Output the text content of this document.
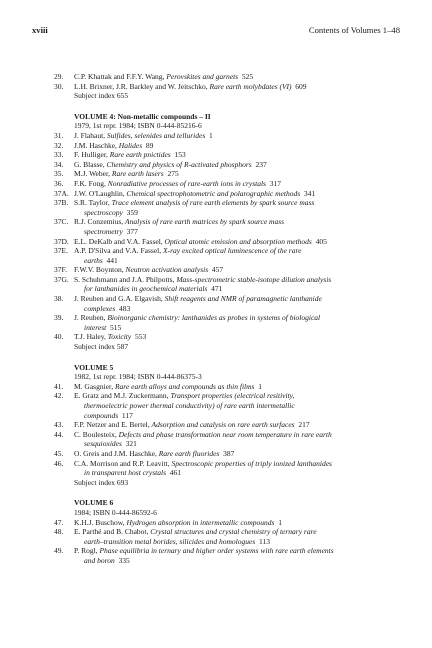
xviii	Contents of Volumes 1–48
29. C.P. Khattak and F.F.Y. Wang, Perovskites and garnets  525
30. L.H. Brixner, J.R. Barkley and W. Jeitschko, Rare earth molybdates (VI)  609
Subject index 655
VOLUME 4: Non-metallic compounds – II
1979, 1st repr. 1984; ISBN 0-444-85216-6
31. J. Flahaut, Sulfides, selenides and tellurides  1
32. J.M. Haschke, Halides  89
33. F. Hulliger, Rare earth pnictides  153
34. G. Blasse, Chemistry and physics of R-activated phosphors  237
35. M.J. Weber, Rare earth lasers  275
36. F.K. Fong, Nonradiative processes of rare-earth ions in crystals  317
37A. J.W. O'Laughlin, Chemical spectrophotometric and polarographic methods  341
37B. S.R. Taylor, Trace element analysis of rare earth elements by spark source mass
spectroscopy  359
37C. R.J. Conzemius, Analysis of rare earth matrices by spark source mass
spectrometry  377
37D. E.L. DeKalb and V.A. Fassel, Optical atomic emission and absorption methods  405
37E. A.P. D'Silva and V.A. Fassel, X-ray excited optical luminescence of the rare
earths  441
37F. F.W.V. Boynton, Neutron activation analysis  457
37G. S. Schuhmann and J.A. Philpotts, Mass-spectrometric stable-isotope dilution analysis
for lanthanides in geochemical materials  471
38. J. Reuben and G.A. Elgavish, Shift reagents and NMR of paramagnetic lanthanide
complexes  483
39. J. Reuben, Bioinorganic chemistry: lanthanides as probes in systems of biological
interest  515
40. T.J. Haley, Toxicity  553
Subject index 587
VOLUME 5
1982, 1st repr. 1984; ISBN 0-444-86375-3
41. M. Gasgnier, Rare earth alloys and compounds as thin films  1
42. E. Gratz and M.J. Zuckermann, Transport properties (electrical resitivity,
thermoelectric power thermal conductivity) of rare earth intermetallic
compounds  117
43. F.P. Netzer and E. Bertel, Adsorption and catalysis on rare earth surfaces  217
44. C. Boulesteix, Defects and phase transformation near room temperature in rare earth
sesquioxides  321
45. O. Greis and J.M. Haschke, Rare earth fluorides  387
46. C.A. Morrison and R.P. Leavitt, Spectroscopic properties of triply ionized lanthanides
in transparent host crystals  461
Subject index 693
VOLUME 6
1984; ISBN 0-444-86592-6
47. K.H.J. Buschow, Hydrogen absorption in intermetallic compounds  1
48. E. Parthé and B. Chabot, Crystal structures and crystal chemistry of ternary rare
earth–transition metal borides, silicides and homologues  113
49. P. Rogl, Phase equilibria in ternary and higher order systems with rare earth elements
and boron  335
